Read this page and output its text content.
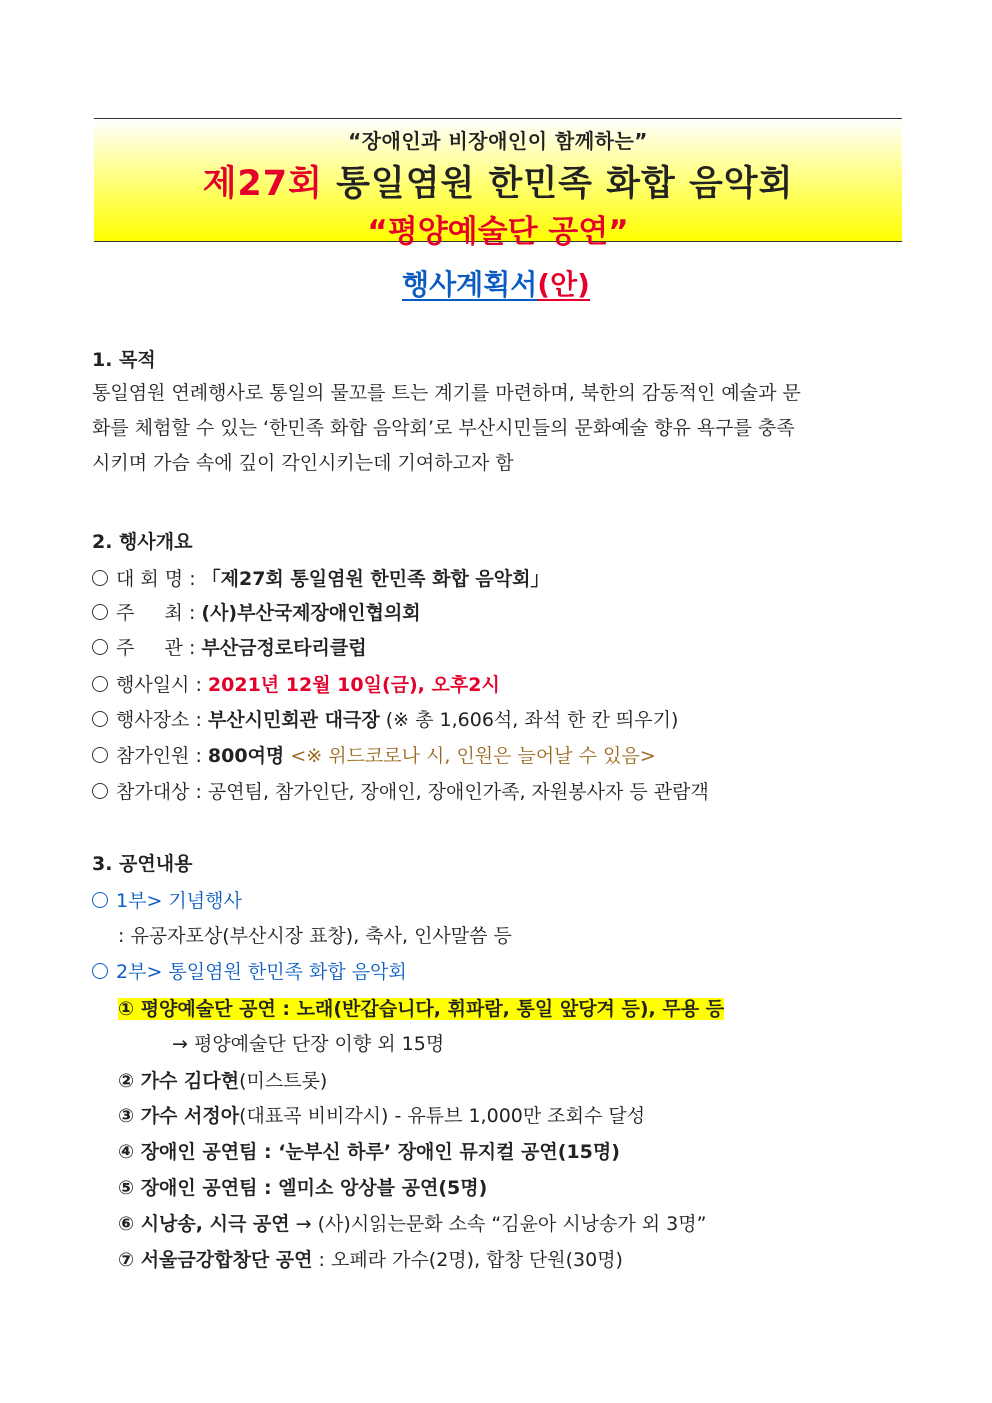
“장애인과 비장애인이 함께하는”
제27회 통일염원 한민족 화합 음악회
“평양예술단 공연”
행사계획서(안)
1. 목적
통일염원 연례행사로 통일의 물꼬를 트는 계기를 마련하며, 북한의 감동적인 예술과 문
화를 체험할 수 있는 ‘한민족 화합 음악회’로 부산시민들의 문화예술 향유 욕구를 충족
시키며 가슴 속에 깊이 각인시키는데 기여하고자 함
2. 행사개요
대 회 명 : 「제27회 통일염원 한민족 화합 음악회」
주     최 : (사)부산국제장애인협의회
주     관 : 부산금정로타리클럽
행사일시 : 2021년 12월 10일(금), 오후2시
행사장소 : 부산시민회관 대극장 (※ 총 1,606석, 좌석 한 칸 띄우기)
참가인원 : 800여명 <※ 위드코로나 시, 인원은 늘어날 수 있음>
참가대상 : 공연팀, 참가인단, 장애인, 장애인가족, 자원봉사자 등 관람객
3. 공연내용
1부> 기념행사
: 유공자포상(부산시장 표창), 축사, 인사말씀 등
2부> 통일염원 한민족 화합 음악회
① 평양예술단 공연 : 노래(반갑습니다, 휘파람, 통일 앞당겨 등), 무용 등
→ 평양예술단 단장 이향 외 15명
② 가수 김다현(미스트롯)
③ 가수 서정아(대표곡 비비각시) - 유튜브 1,000만 조회수 달성
④ 장애인 공연팀 : ‘눈부신 하루’ 장애인 뮤지컬 공연(15명)
⑤ 장애인 공연팀 : 엘미소 앙상블 공연(5명)
⑥ 시낭송, 시극 공연 → (사)시읽는문화 소속 “김윤아 시낭송가 외 3명”
⑦ 서울금강합창단 공연 : 오페라 가수(2명), 합창 단원(30명)
